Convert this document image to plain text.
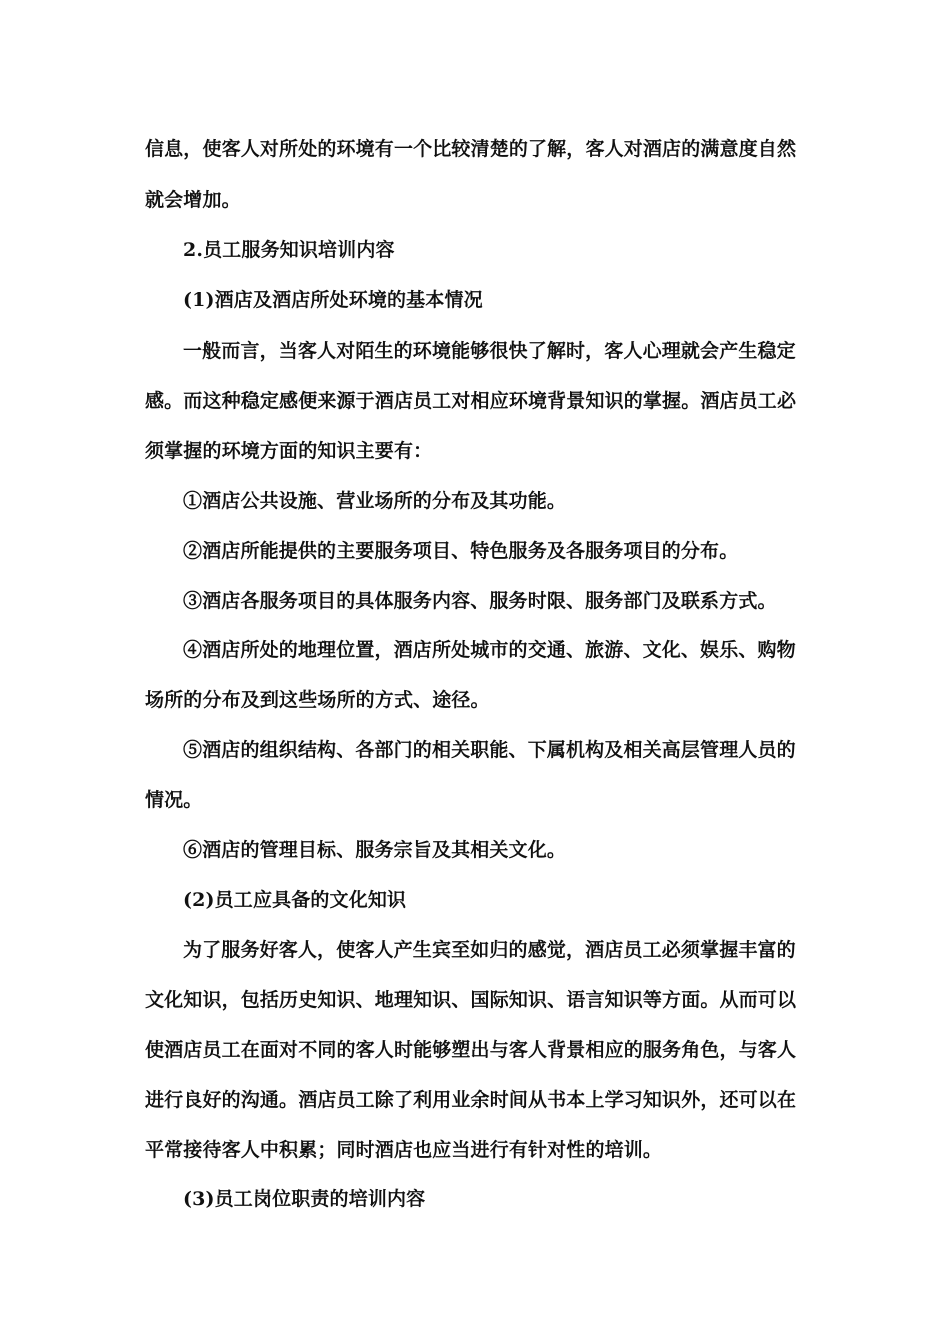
信息，使客人对所处的环境有一个比较清楚的了解，客人对酒店的满意度自然
就会增加。
2.员工服务知识培训内容
(1)酒店及酒店所处环境的基本情况
一般而言，当客人对陌生的环境能够很快了解时，客人心理就会产生稳定
感。而这种稳定感便来源于酒店员工对相应环境背景知识的掌握。酒店员工必
须掌握的环境方面的知识主要有：
①酒店公共设施、营业场所的分布及其功能。
②酒店所能提供的主要服务项目、特色服务及各服务项目的分布。
③酒店各服务项目的具体服务内容、服务时限、服务部门及联系方式。
④酒店所处的地理位置，酒店所处城市的交通、旅游、文化、娱乐、购物
场所的分布及到这些场所的方式、途径。
⑤酒店的组织结构、各部门的相关职能、下属机构及相关高层管理人员的
情况。
⑥酒店的管理目标、服务宗旨及其相关文化。
(2)员工应具备的文化知识
为了服务好客人，使客人产生宾至如归的感觉，酒店员工必须掌握丰富的
文化知识，包括历史知识、地理知识、国际知识、语言知识等方面。从而可以
使酒店员工在面对不同的客人时能够塑出与客人背景相应的服务角色，与客人
进行良好的沟通。酒店员工除了利用业余时间从书本上学习知识外，还可以在
平常接待客人中积累；同时酒店也应当进行有针对性的培训。
(3)员工岗位职责的培训内容
